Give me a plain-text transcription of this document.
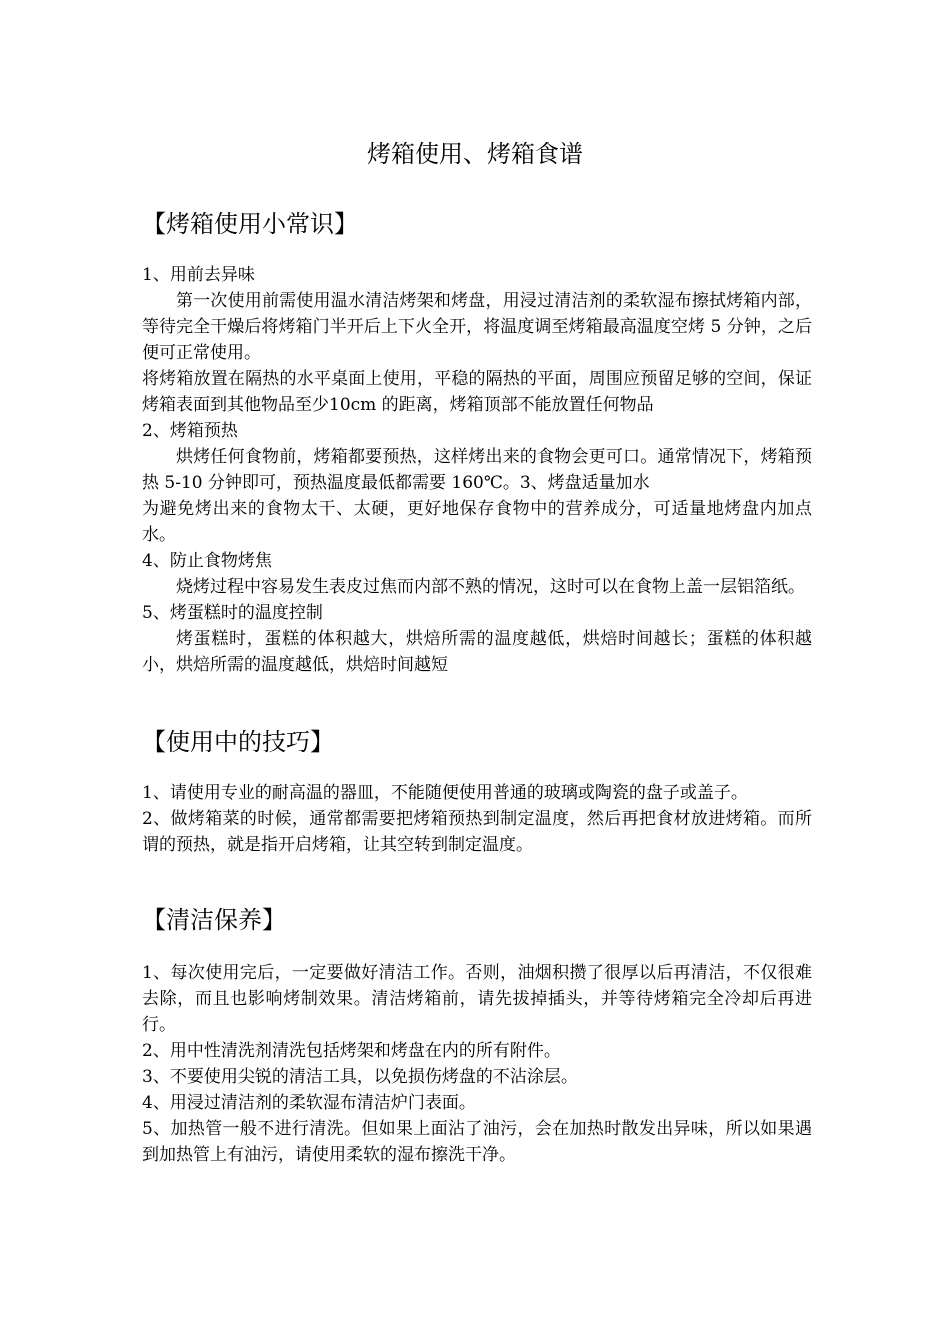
烤箱使用、烤箱食谱
【烤箱使用小常识】

1、用前去异味

第一次使用前需使用温水清洁烤架和烤盘，用浸过清洁剂的柔软湿布擦拭烤箱内部，等待完全干燥后将烤箱门半开后上下火全开，将温度调至烤箱最高温度空烤 5 分钟，之后便可正常使用。

将烤箱放置在隔热的水平桌面上使用，平稳的隔热的平面，周围应预留足够的空间，保证烤箱表面到其他物品至少10cm 的距离，烤箱顶部不能放置任何物品

2、烤箱预热

烘烤任何食物前，烤箱都要预热，这样烤出来的食物会更可口。通常情况下，烤箱预热 5-10 分钟即可，预热温度最低都需要 160℃。3、烤盘适量加水

为避免烤出来的食物太干、太硬，更好地保存食物中的营养成分，可适量地烤盘内加点水。

4、防止食物烤焦

烧烤过程中容易发生表皮过焦而内部不熟的情况，这时可以在食物上盖一层铝箔纸。

5、烤蛋糕时的温度控制

烤蛋糕时，蛋糕的体积越大，烘焙所需的温度越低，烘焙时间越长；蛋糕的体积越小，烘焙所需的温度越低，烘焙时间越短

【使用中的技巧】

1、请使用专业的耐高温的器皿，不能随便使用普通的玻璃或陶瓷的盘子或盖子。

2、做烤箱菜的时候，通常都需要把烤箱预热到制定温度，然后再把食材放进烤箱。而所谓的预热，就是指开启烤箱，让其空转到制定温度。

【清洁保养】

1、每次使用完后，一定要做好清洁工作。否则，油烟积攒了很厚以后再清洁，不仅很难去除，而且也影响烤制效果。清洁烤箱前，请先拔掉插头，并等待烤箱完全冷却后再进行。

2、用中性清洗剂清洗包括烤架和烤盘在内的所有附件。

3、不要使用尖锐的清洁工具，以免损伤烤盘的不沾涂层。

4、用浸过清洁剂的柔软湿布清洁炉门表面。

5、加热管一般不进行清洗。但如果上面沾了油污，会在加热时散发出异味，所以如果遇到加热管上有油污，请使用柔软的湿布擦洗干净。
